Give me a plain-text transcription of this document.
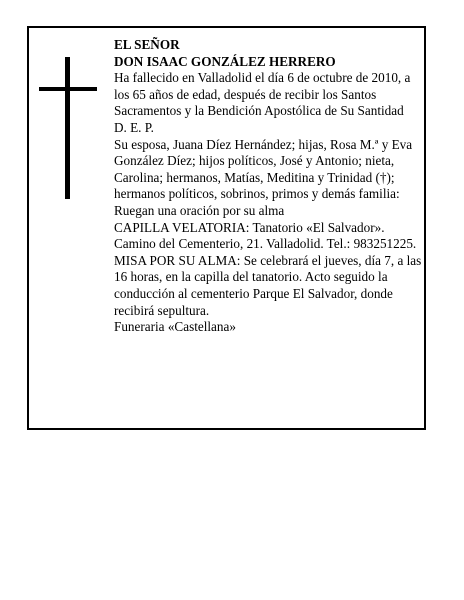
EL SEÑOR

DON ISAAC GONZÁLEZ HERRERO

Ha fallecido en Valladolid el día 6 de octubre de 2010, a los 65 años de edad, después de recibir los Santos Sacramentos y la Bendición Apostólica de Su Santidad

D. E. P.

Su esposa, Juana Díez Hernández; hijas, Rosa M.ª y Eva González Díez; hijos políticos, José y Antonio; nieta, Carolina; hermanos, Matías, Meditina y Trinidad (†); hermanos políticos, sobrinos, primos y demás familia:

Ruegan una oración por su alma

CAPILLA VELATORIA: Tanatorio «El Salvador». Camino del Cementerio, 21. Valladolid. Tel.: 983251225.

MISA POR SU ALMA: Se celebrará el jueves, día 7, a las 16 horas, en la capilla del tanatorio. Acto seguido la conducción al cementerio Parque El Salvador, donde recibirá sepultura.

Funeraria «Castellana»
